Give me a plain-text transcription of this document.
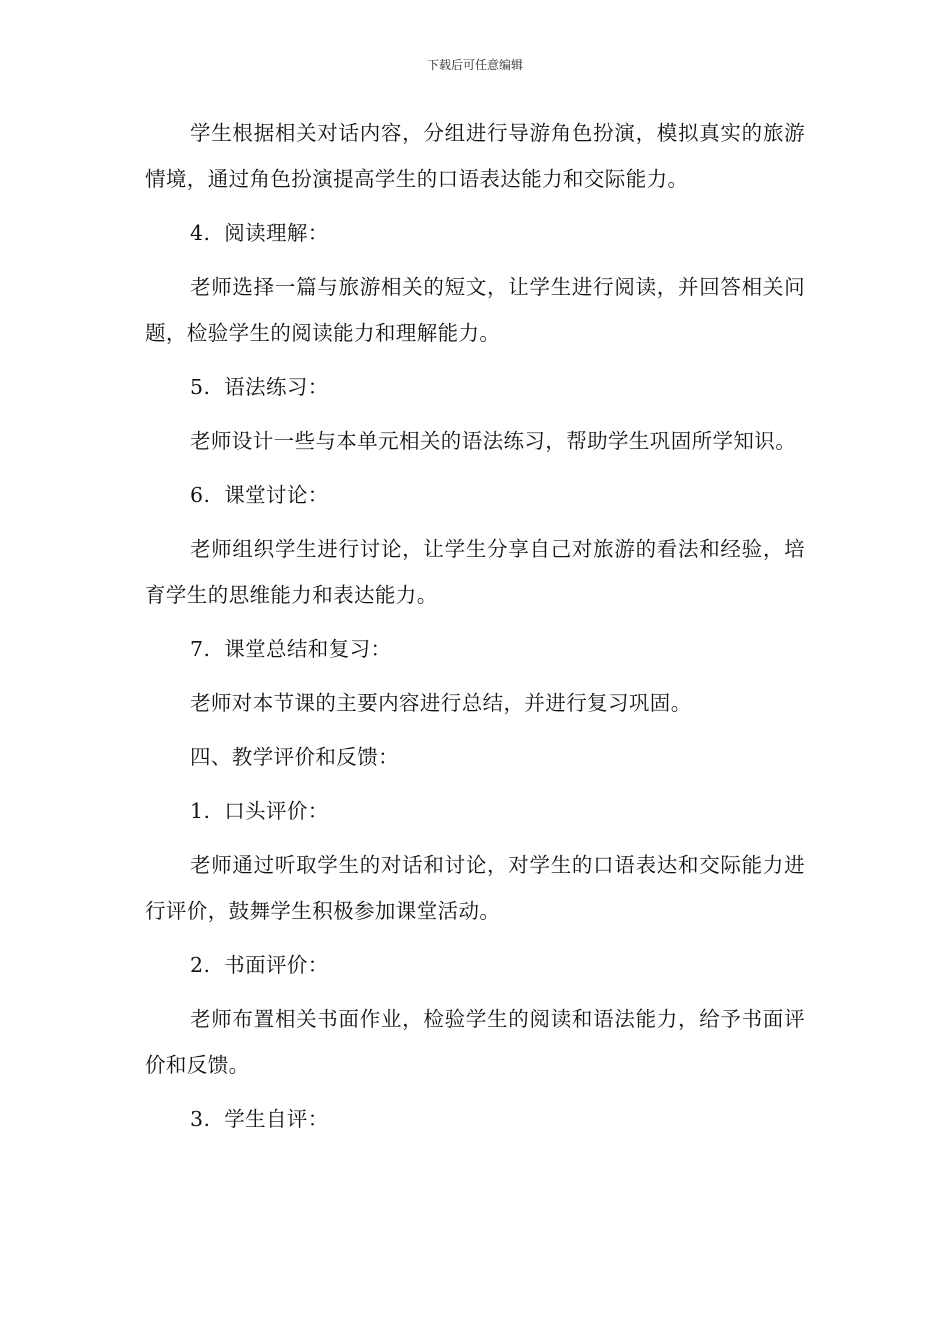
下载后可任意编辑

学生根据相关对话内容，分组进行导游角色扮演，模拟真实的旅游情境，通过角色扮演提高学生的口语表达能力和交际能力。

4.  阅读理解：

老师选择一篇与旅游相关的短文，让学生进行阅读，并回答相关问题，检验学生的阅读能力和理解能力。

5.  语法练习：

老师设计一些与本单元相关的语法练习，帮助学生巩固所学知识。

6.  课堂讨论：

老师组织学生进行讨论，让学生分享自己对旅游的看法和经验，培育学生的思维能力和表达能力。

7.  课堂总结和复习：

老师对本节课的主要内容进行总结，并进行复习巩固。

四、教学评价和反馈：

1.  口头评价：

老师通过听取学生的对话和讨论，对学生的口语表达和交际能力进行评价，鼓舞学生积极参加课堂活动。

2.  书面评价：

老师布置相关书面作业，检验学生的阅读和语法能力，给予书面评价和反馈。

3.  学生自评：
